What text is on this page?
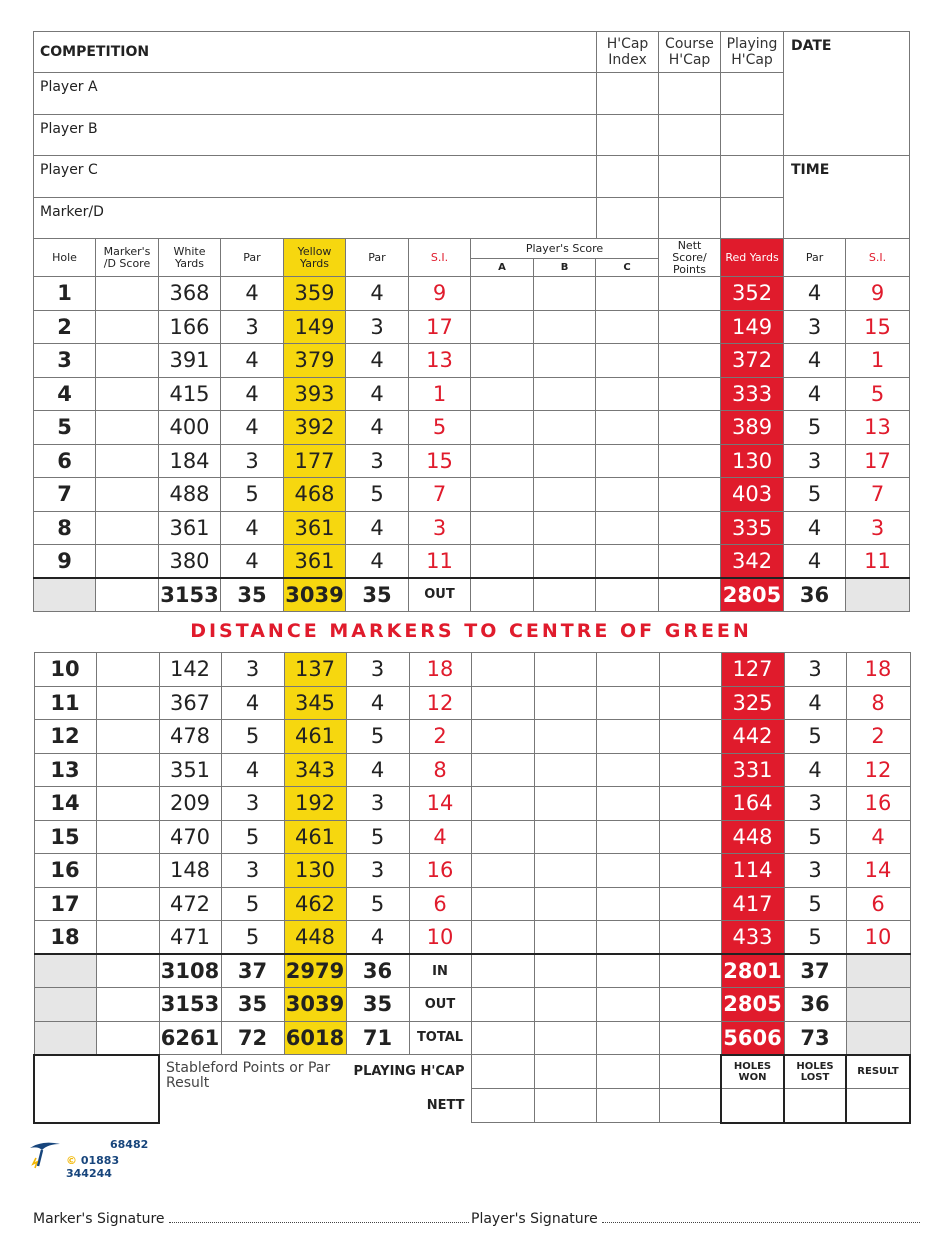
COMPETITION	H'Cap Index	Course H'Cap	Playing H'Cap	DATE
Player A				
Player B				
Player C				TIME
Marker/D				
Hole	Marker's /D Score	White Yards	Par	Yellow Yards	Par	S.I.	Player's Score			Nett Score/ Points	Red Yards	Par	S.I.
							A	B	C				
1		368	4	359	4	9					352	4	9
2		166	3	149	3	17					149	3	15
3		391	4	379	4	13					372	4	1
4		415	4	393	4	1					333	4	5
5		400	4	392	4	5					389	5	13
6		184	3	177	3	15					130	3	17
7		488	5	468	5	7					403	5	7
8		361	4	361	4	3					335	4	3
9		380	4	361	4	11					342	4	11
		3153	35	3039	35	OUT					2805	36	
DISTANCE MARKERS TO CENTRE OF GREEN
10		142	3	137	3	18					127	3	18
11		367	4	345	4	12					325	4	8
12		478	5	461	5	2					442	5	2
13		351	4	343	4	8					331	4	12
14		209	3	192	3	14					164	3	16
15		470	5	461	5	4					448	5	4
16		148	3	130	3	16					114	3	14
17		472	5	462	5	6					417	5	6
18		471	5	448	4	10					433	5	10
		3108	37	2979	36	IN					2801	37	
		3153	35	3039	35	OUT					2805	36	
		6261	72	6018	71	TOTAL					5606	73	
		Stableford Points or Par Result			PLAYING H'CAP						HOLES WON	HOLES LOST	RESULT
					NETT								
68482
© 01883 344244
Marker's Signature	Player's Signature
